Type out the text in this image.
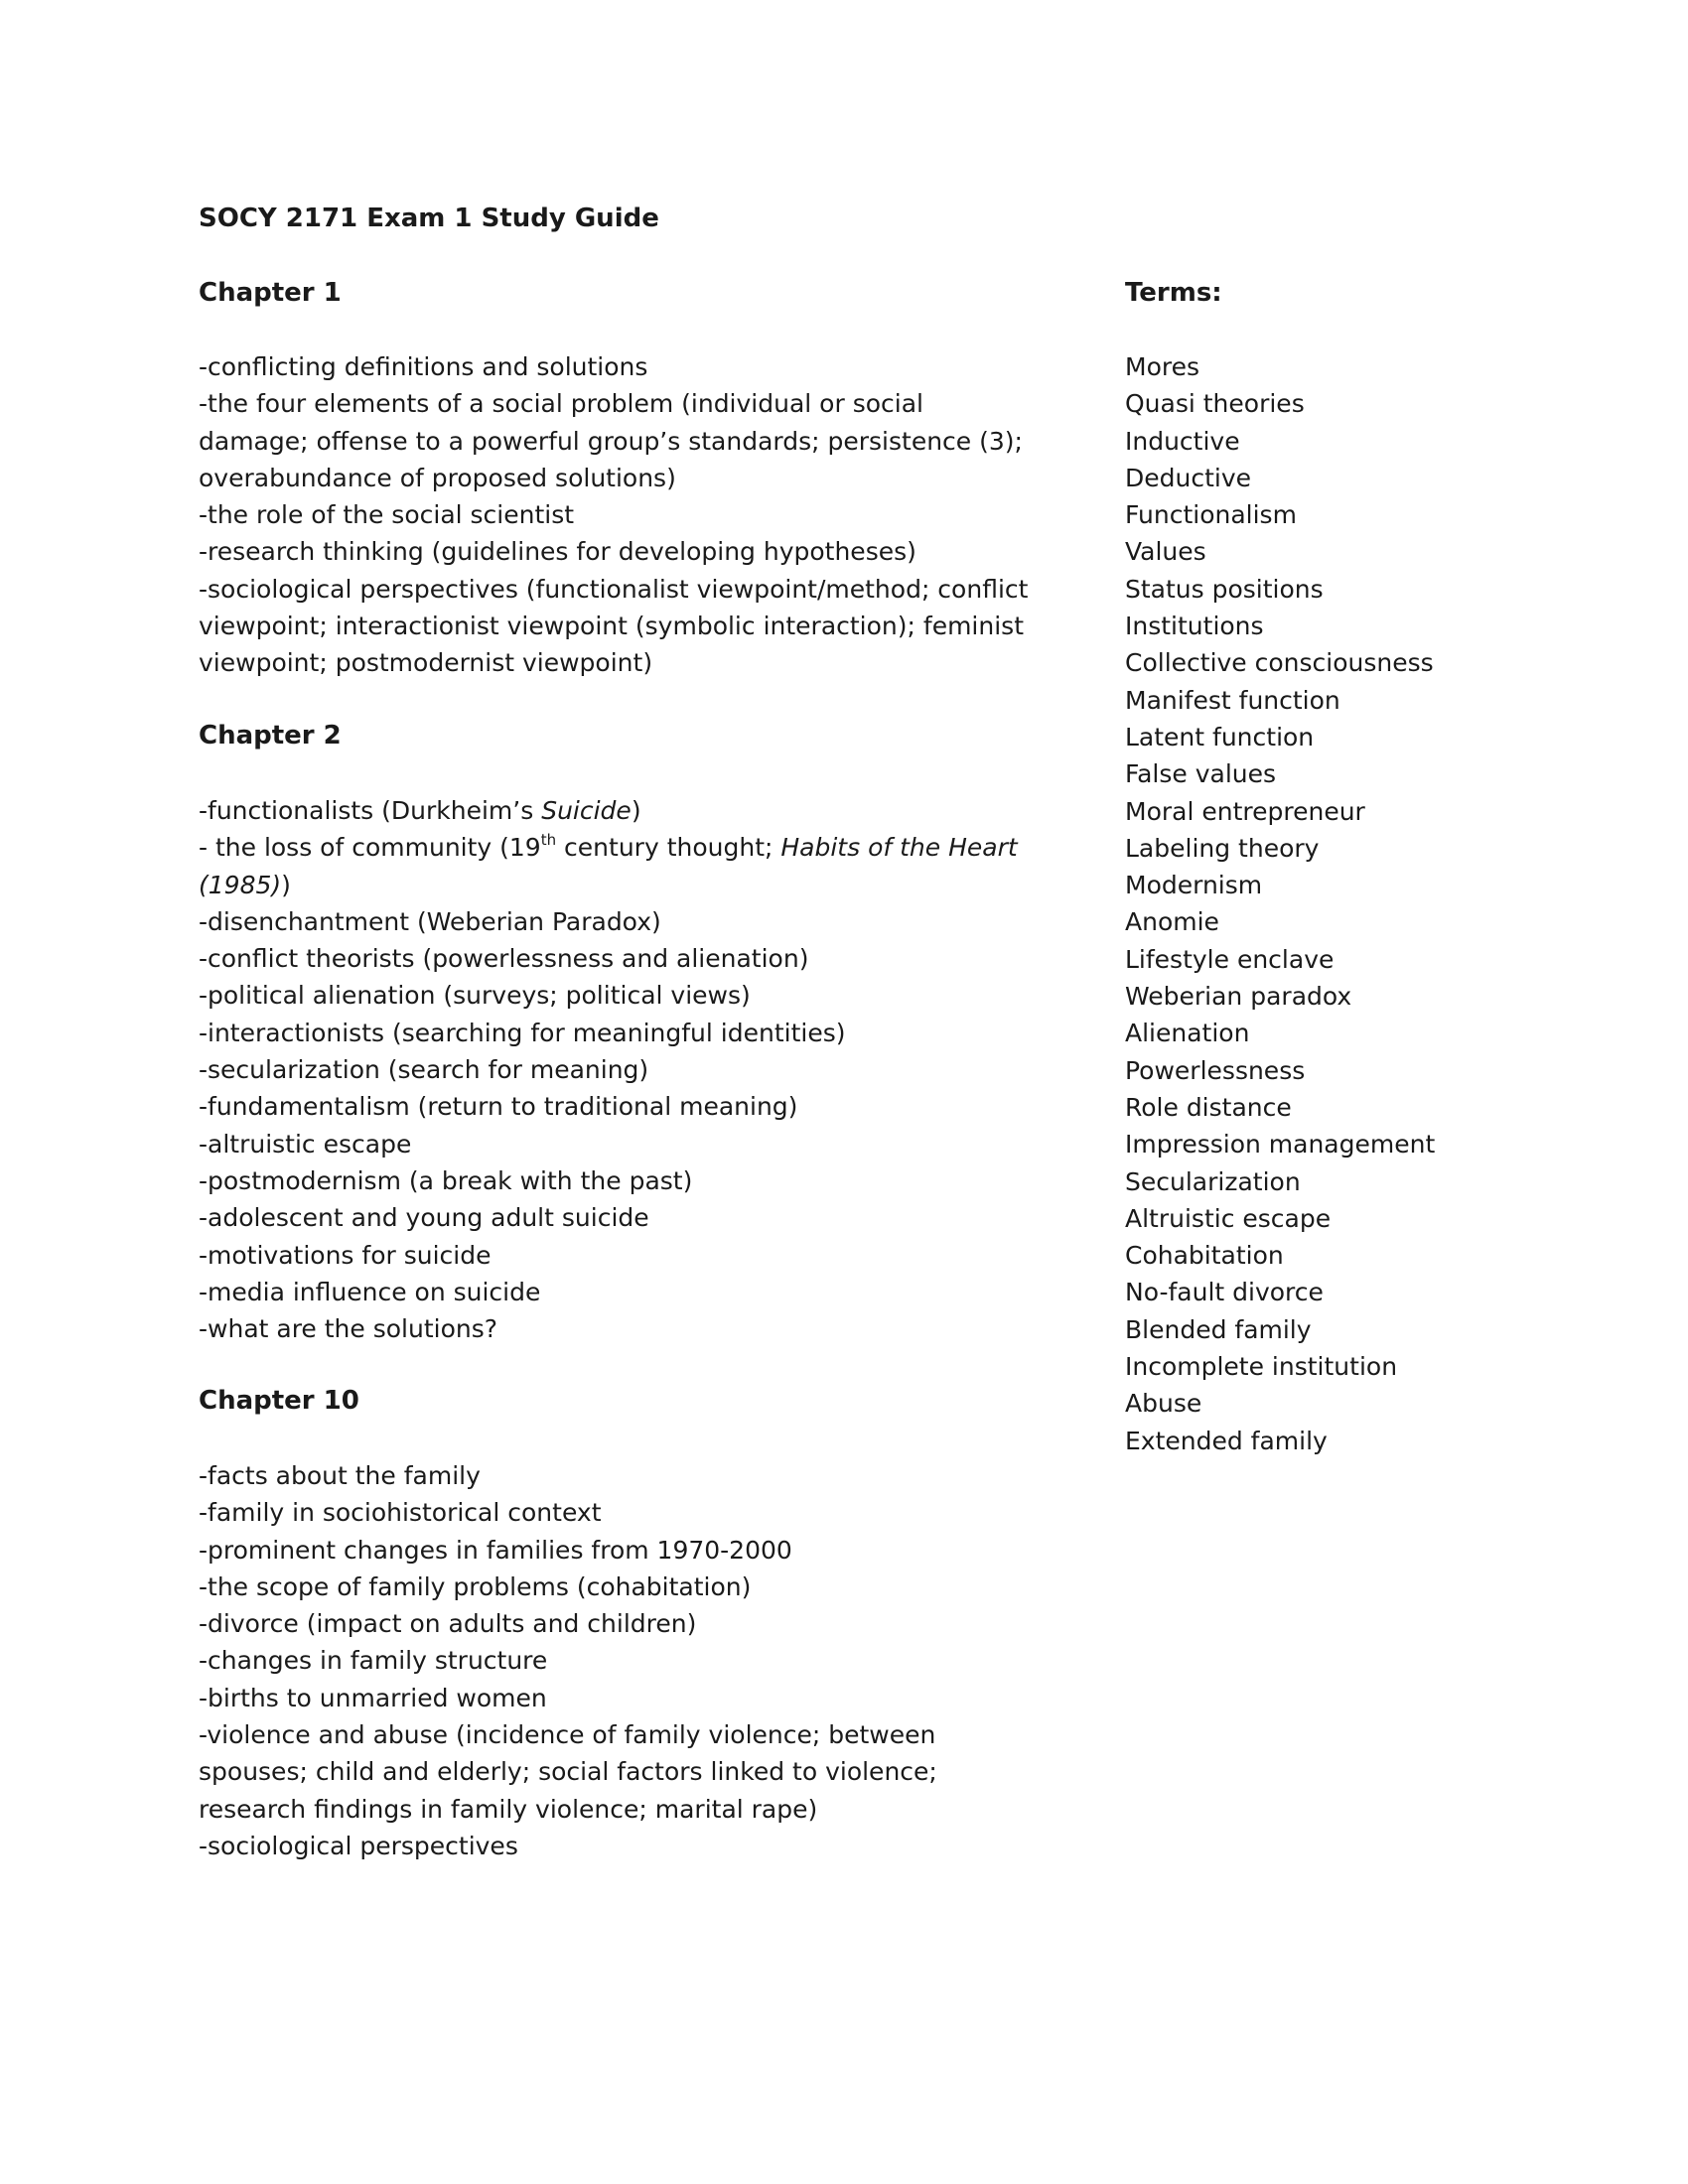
SOCY 2171 Exam 1 Study Guide
Chapter 1
-conflicting definitions and solutions
-the four elements of a social problem (individual or social
damage; offense to a powerful group’s standards; persistence (3);
overabundance of proposed solutions)
-the role of the social scientist
-research thinking (guidelines for developing hypotheses)
-sociological perspectives (functionalist viewpoint/method; conflict
viewpoint; interactionist viewpoint (symbolic interaction); feminist
viewpoint; postmodernist viewpoint)
Chapter 2
-functionalists (Durkheim’s Suicide)
- the loss of community (19th century thought; Habits of the Heart
(1985))
-disenchantment (Weberian Paradox)
-conflict theorists (powerlessness and alienation)
-political alienation (surveys; political views)
-interactionists (searching for meaningful identities)
-secularization (search for meaning)
-fundamentalism (return to traditional meaning)
-altruistic escape
-postmodernism (a break with the past)
-adolescent and young adult suicide
-motivations for suicide
-media influence on suicide
-what are the solutions?
Chapter 10
-facts about the family
-family in sociohistorical context
-prominent changes in families from 1970-2000
-the scope of family problems (cohabitation)
-divorce (impact on adults and children)
-changes in family structure
-births to unmarried women
-violence and abuse (incidence of family violence; between
spouses; child and elderly; social factors linked to violence;
research findings in family violence; marital rape)
-sociological perspectives
Terms:
Mores
Quasi theories
Inductive
Deductive
Functionalism
Values
Status positions
Institutions
Collective consciousness
Manifest function
Latent function
False values
Moral entrepreneur
Labeling theory
Modernism
Anomie
Lifestyle enclave
Weberian paradox
Alienation
Powerlessness
Role distance
Impression management
Secularization
Altruistic escape
Cohabitation
No-fault divorce
Blended family
Incomplete institution
Abuse
Extended family
